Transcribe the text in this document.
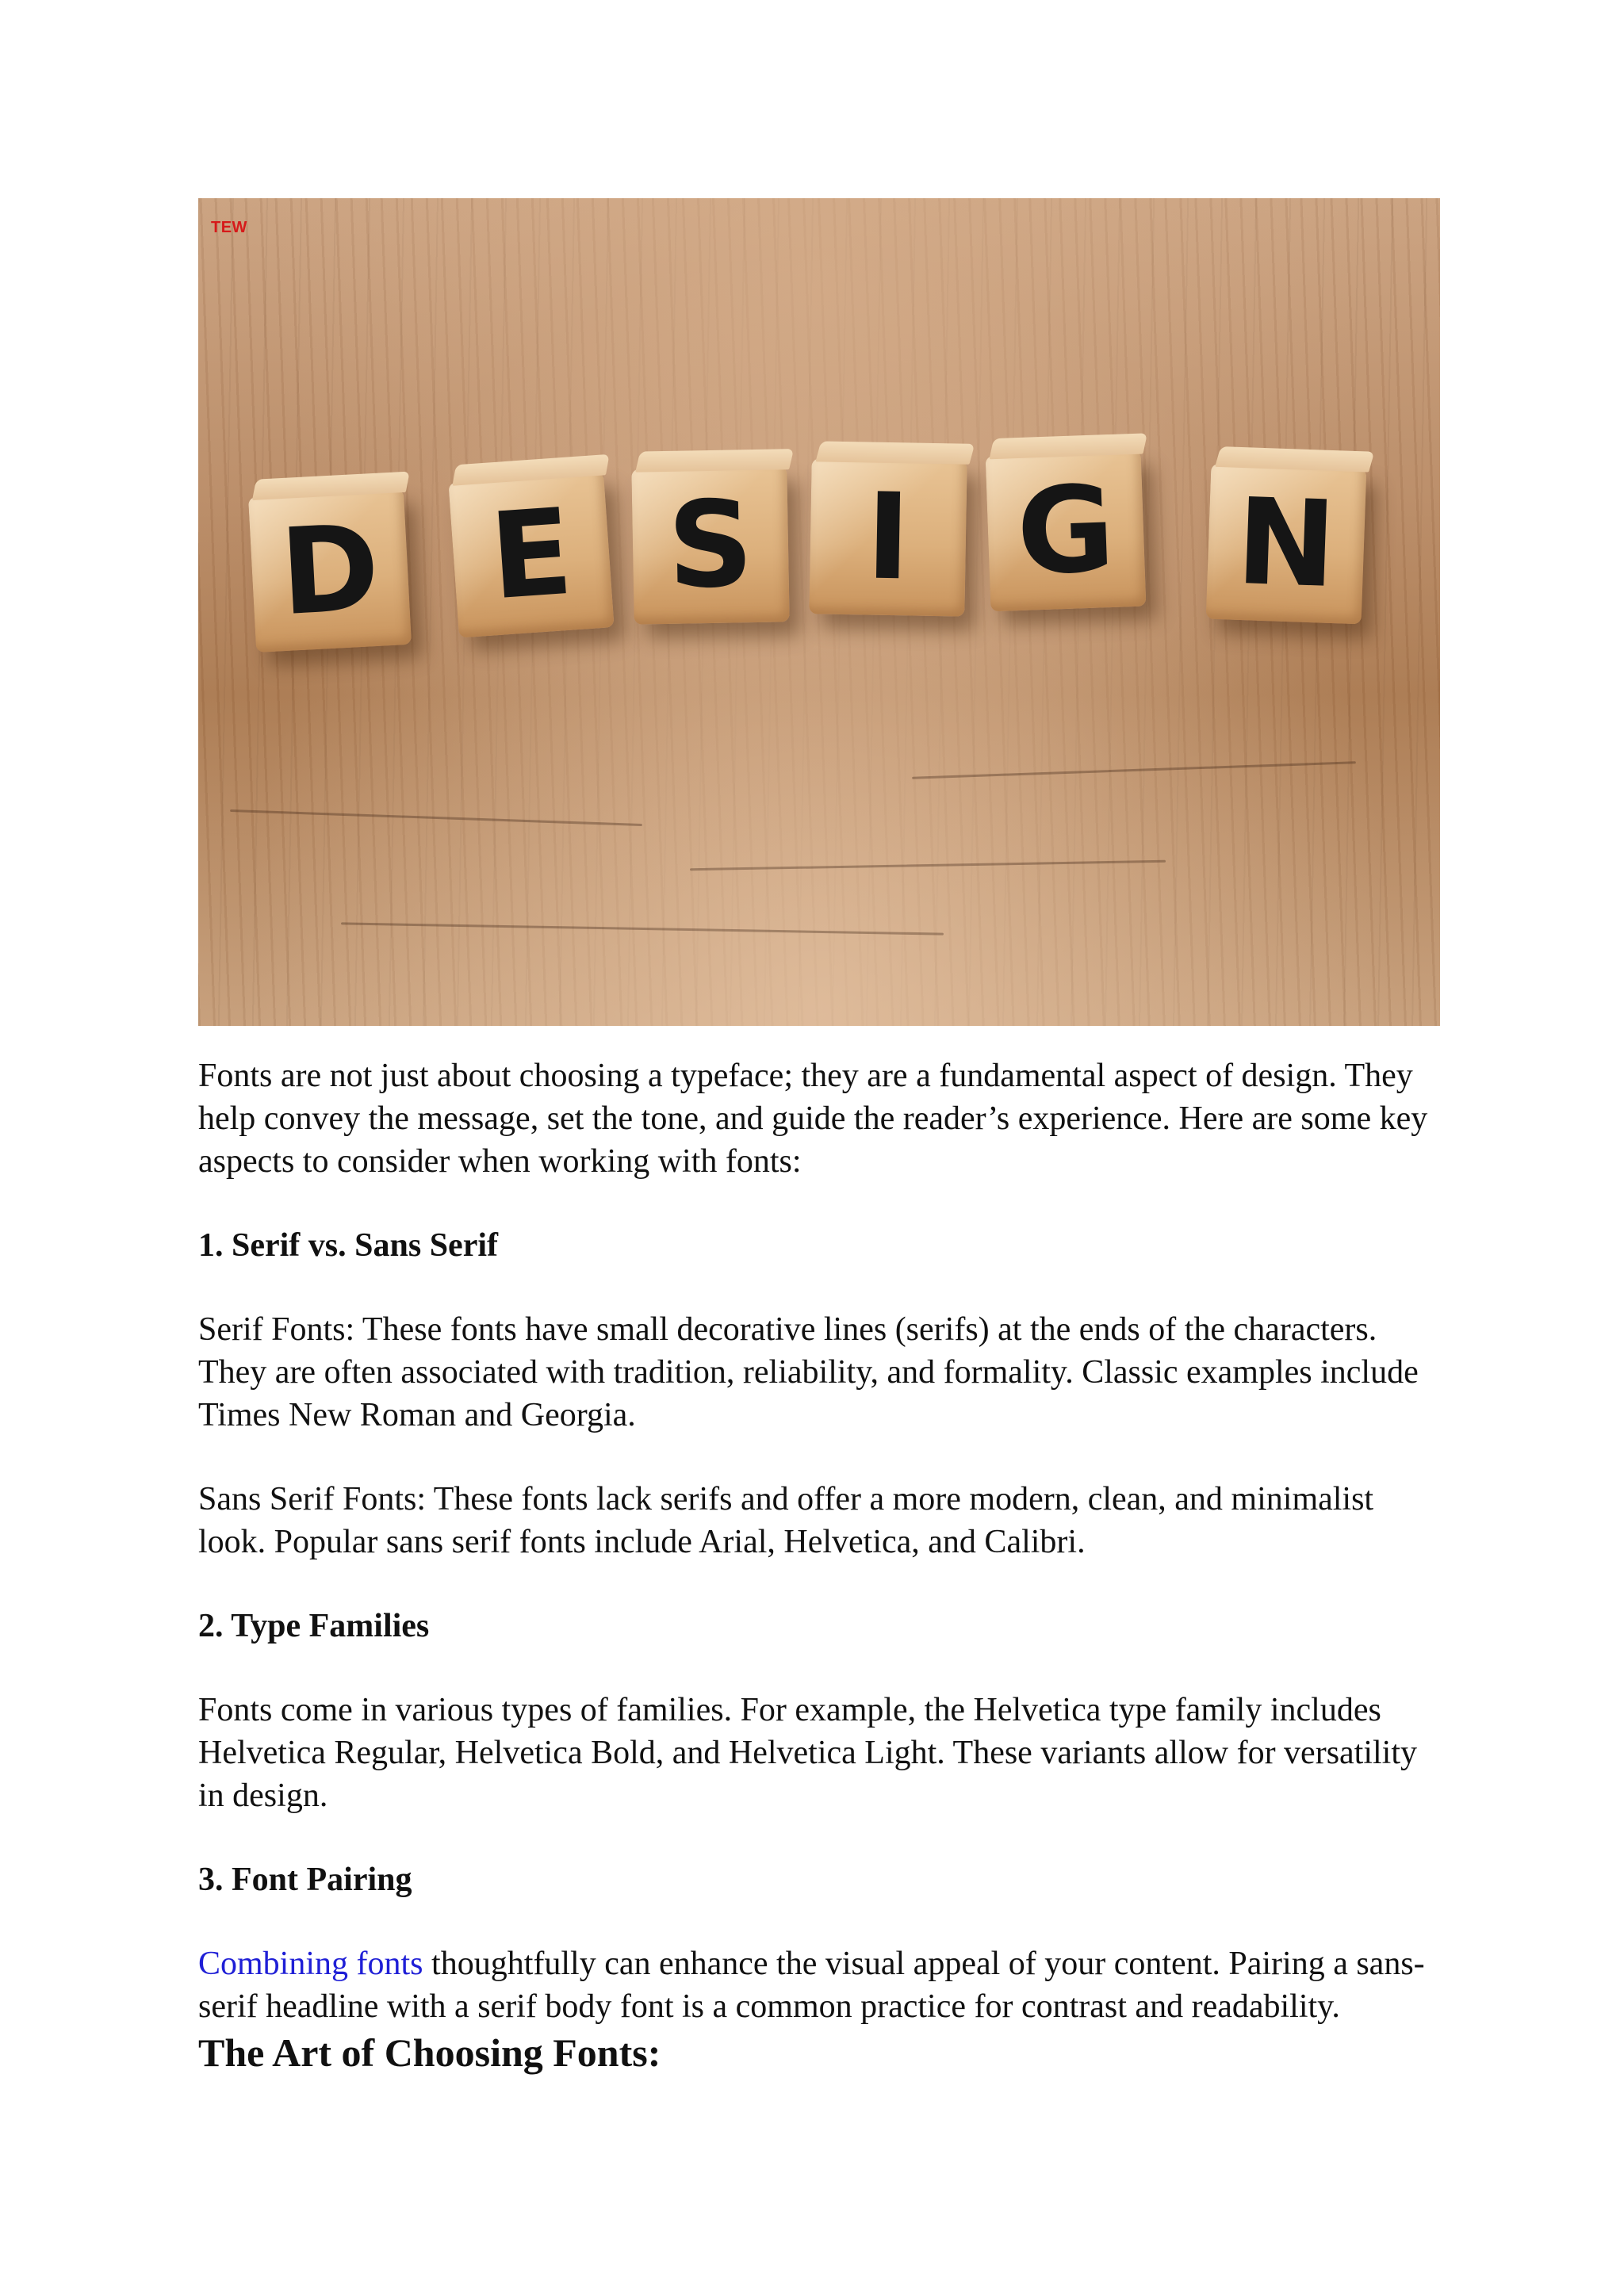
TEW
D E S I G N

Fonts are not just about choosing a typeface; they are a fundamental aspect of design. They help convey the message, set the tone, and guide the reader’s experience. Here are some key aspects to consider when working with fonts:

1. Serif vs. Sans Serif

Serif Fonts: These fonts have small decorative lines (serifs) at the ends of the characters. They are often associated with tradition, reliability, and formality. Classic examples include Times New Roman and Georgia.

Sans Serif Fonts: These fonts lack serifs and offer a more modern, clean, and minimalist look. Popular sans serif fonts include Arial, Helvetica, and Calibri.

2. Type Families

Fonts come in various types of families. For example, the Helvetica type family includes Helvetica Regular, Helvetica Bold, and Helvetica Light. These variants allow for versatility in design.

3. Font Pairing

Combining fonts thoughtfully can enhance the visual appeal of your content. Pairing a sans-serif headline with a serif body font is a common practice for contrast and readability.

The Art of Choosing Fonts:
